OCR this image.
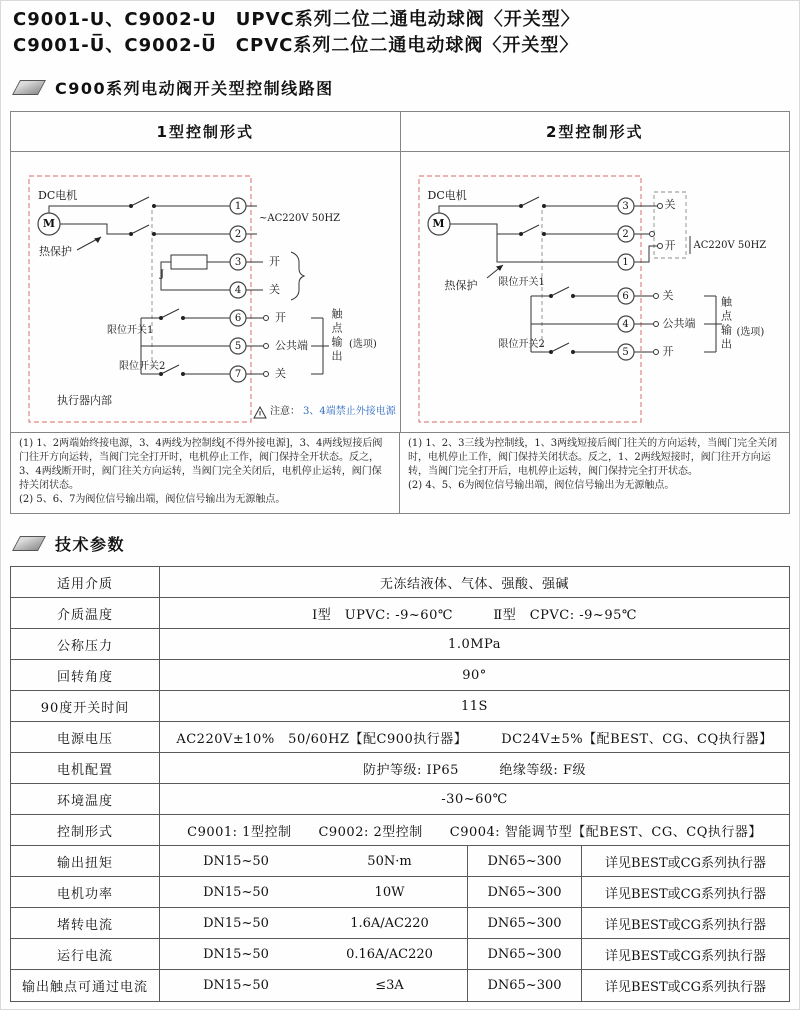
C9001-U、C9002-U　UPVC系列二位二通电动球阀〈开关型〉
C9001-U̅、C9002-U̅　CPVC系列二位二通电动球阀〈开关型〉
C900系列电动阀开关型控制线路图
1型控制形式	2型控制形式
DC电机
M
热保护
J
1
2
3
4
6
5
7
~AC220V 50HZ
开
关
限位开关1
限位开关2
执行器内部
开
公共端
关
触点输出 (选项)
注意： 3、4端禁止外接电源
DC电机
M
热保护 限位开关1
限位开关2
3
2
1
6
4
5
关
开 AC220V 50HZ
关
公共端
开	触点输出 (选项)

(1) 1、2两端始终接电源，3、4两线为控制线[不得外接电源]，3、4两线短接后阀门往开方向运转，当阀门完全打开时，电机停止工作，阀门保持全开状态。反之，3、4两线断开时，阀门往关方向运转，当阀门完全关闭后，电机停止运转，阀门保持关闭状态。

(2) 5、6、7为阀位信号输出端，阀位信号输出为无源触点。

(1) 1、2、3三线为控制线，1、3两线短接后阀门往关的方向运转，当阀门完全关闭时，电机停止工作，阀门保持关闭状态。反之，1、2两线短接时，阀门往开方向运转，当阀门完全打开后，电机停止运转，阀门保持完全打开状态。

(2) 4、5、6为阀位信号输出端，阀位信号输出为无源触点。

技术参数
适用介质	无冻结液体、气体、强酸、强碱
介质温度	Ⅰ型　UPVC: -9~60℃　　　Ⅱ型　CPVC: -9~95℃
公称压力	1.0MPa
回转角度	90°
90度开关时间	11S
电源电压	AC220V±10%　50/60HZ【配C900执行器】　　　DC24V±5%【配BEST、CG、CQ执行器】
电机配置	防护等级: IP65　　　绝缘等级: F级
环境温度	-30~60℃
控制形式	C9001: 1型控制　　C9002: 2型控制　　C9004: 智能调节型【配BEST、CG、CQ执行器】
输出扭矩	DN15~50	50N·m	DN65~300	详见BEST或CG系列执行器
电机功率	DN15~50	10W	DN65~300	详见BEST或CG系列执行器
堵转电流	DN15~50	1.6A/AC220	DN65~300	详见BEST或CG系列执行器
运行电流	DN15~50	0.16A/AC220	DN65~300	详见BEST或CG系列执行器
输出触点可通过电流	DN15~50	≤3A	DN65~300	详见BEST或CG系列执行器
